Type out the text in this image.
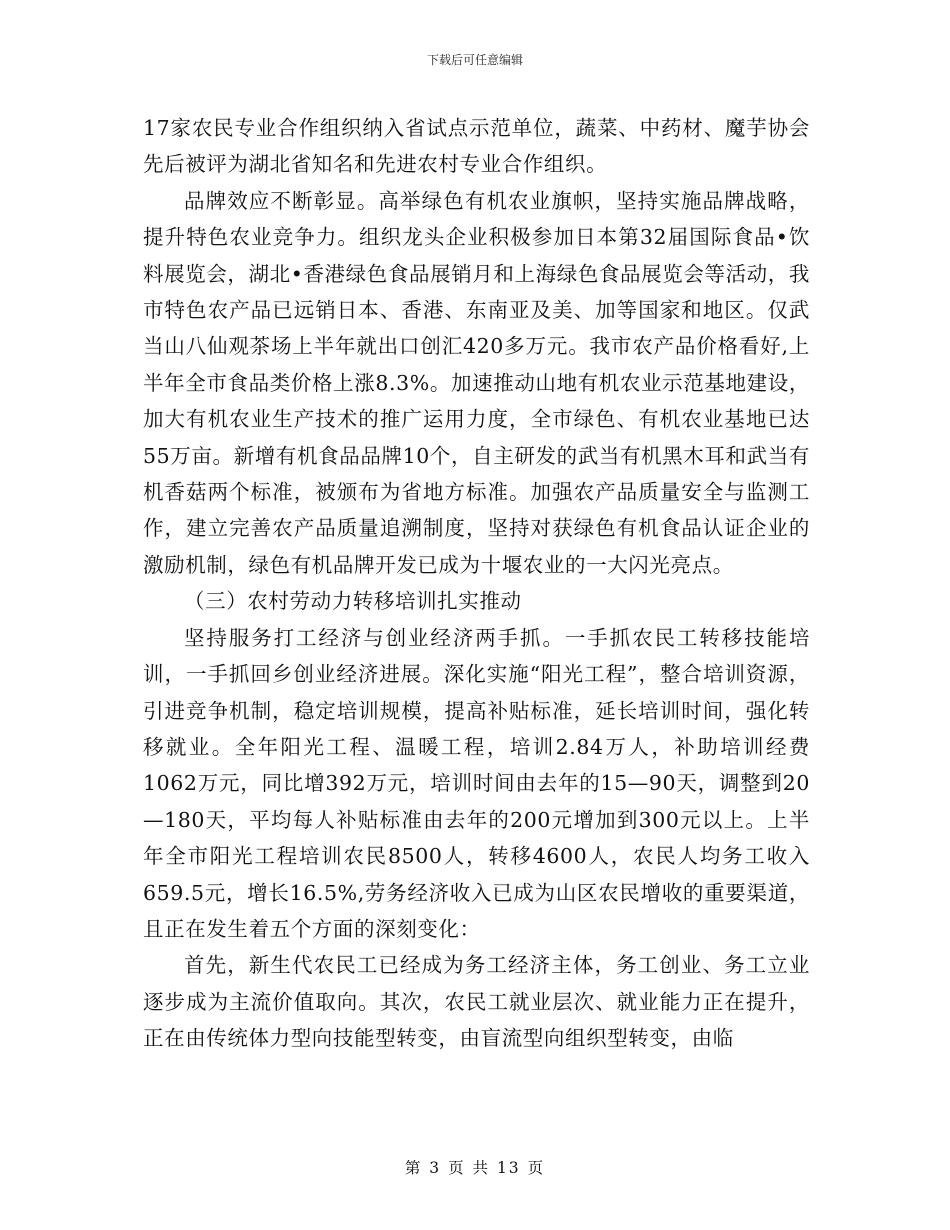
下载后可任意编辑

17家农民专业合作组织纳入省试点示范单位，蔬菜、中药材、魔芋协会先后被评为湖北省知名和先进农村专业合作组织。

品牌效应不断彰显。高举绿色有机农业旗帜，坚持实施品牌战略，提升特色农业竞争力。组织龙头企业积极参加日本第32届国际食品•饮料展览会，湖北•香港绿色食品展销月和上海绿色食品展览会等活动，我市特色农产品已远销日本、香港、东南亚及美、加等国家和地区。仅武当山八仙观茶场上半年就出口创汇420多万元。我市农产品价格看好,上半年全市食品类价格上涨8.3%。加速推动山地有机农业示范基地建设，加大有机农业生产技术的推广运用力度，全市绿色、有机农业基地已达55万亩。新增有机食品品牌10个，自主研发的武当有机黑木耳和武当有机香菇两个标准，被颁布为省地方标准。加强农产品质量安全与监测工作，建立完善农产品质量追溯制度，坚持对获绿色有机食品认证企业的激励机制，绿色有机品牌开发已成为十堰农业的一大闪光亮点。

（三）农村劳动力转移培训扎实推动

坚持服务打工经济与创业经济两手抓。一手抓农民工转移技能培训，一手抓回乡创业经济进展。深化实施“阳光工程”，整合培训资源，引进竞争机制，稳定培训规模，提高补贴标准，延长培训时间，强化转移就业。全年阳光工程、温暖工程，培训2.84万人，补助培训经费1062万元，同比增392万元，培训时间由去年的15—90天，调整到20—180天，平均每人补贴标准由去年的200元增加到300元以上。上半年全市阳光工程培训农民8500人，转移4600人，农民人均务工收入659.5元，增长16.5%,劳务经济收入已成为山区农民增收的重要渠道，且正在发生着五个方面的深刻变化：

首先，新生代农民工已经成为务工经济主体，务工创业、务工立业逐步成为主流价值取向。其次，农民工就业层次、就业能力正在提升，正在由传统体力型向技能型转变，由盲流型向组织型转变，由临

第 3 页 共 13 页
